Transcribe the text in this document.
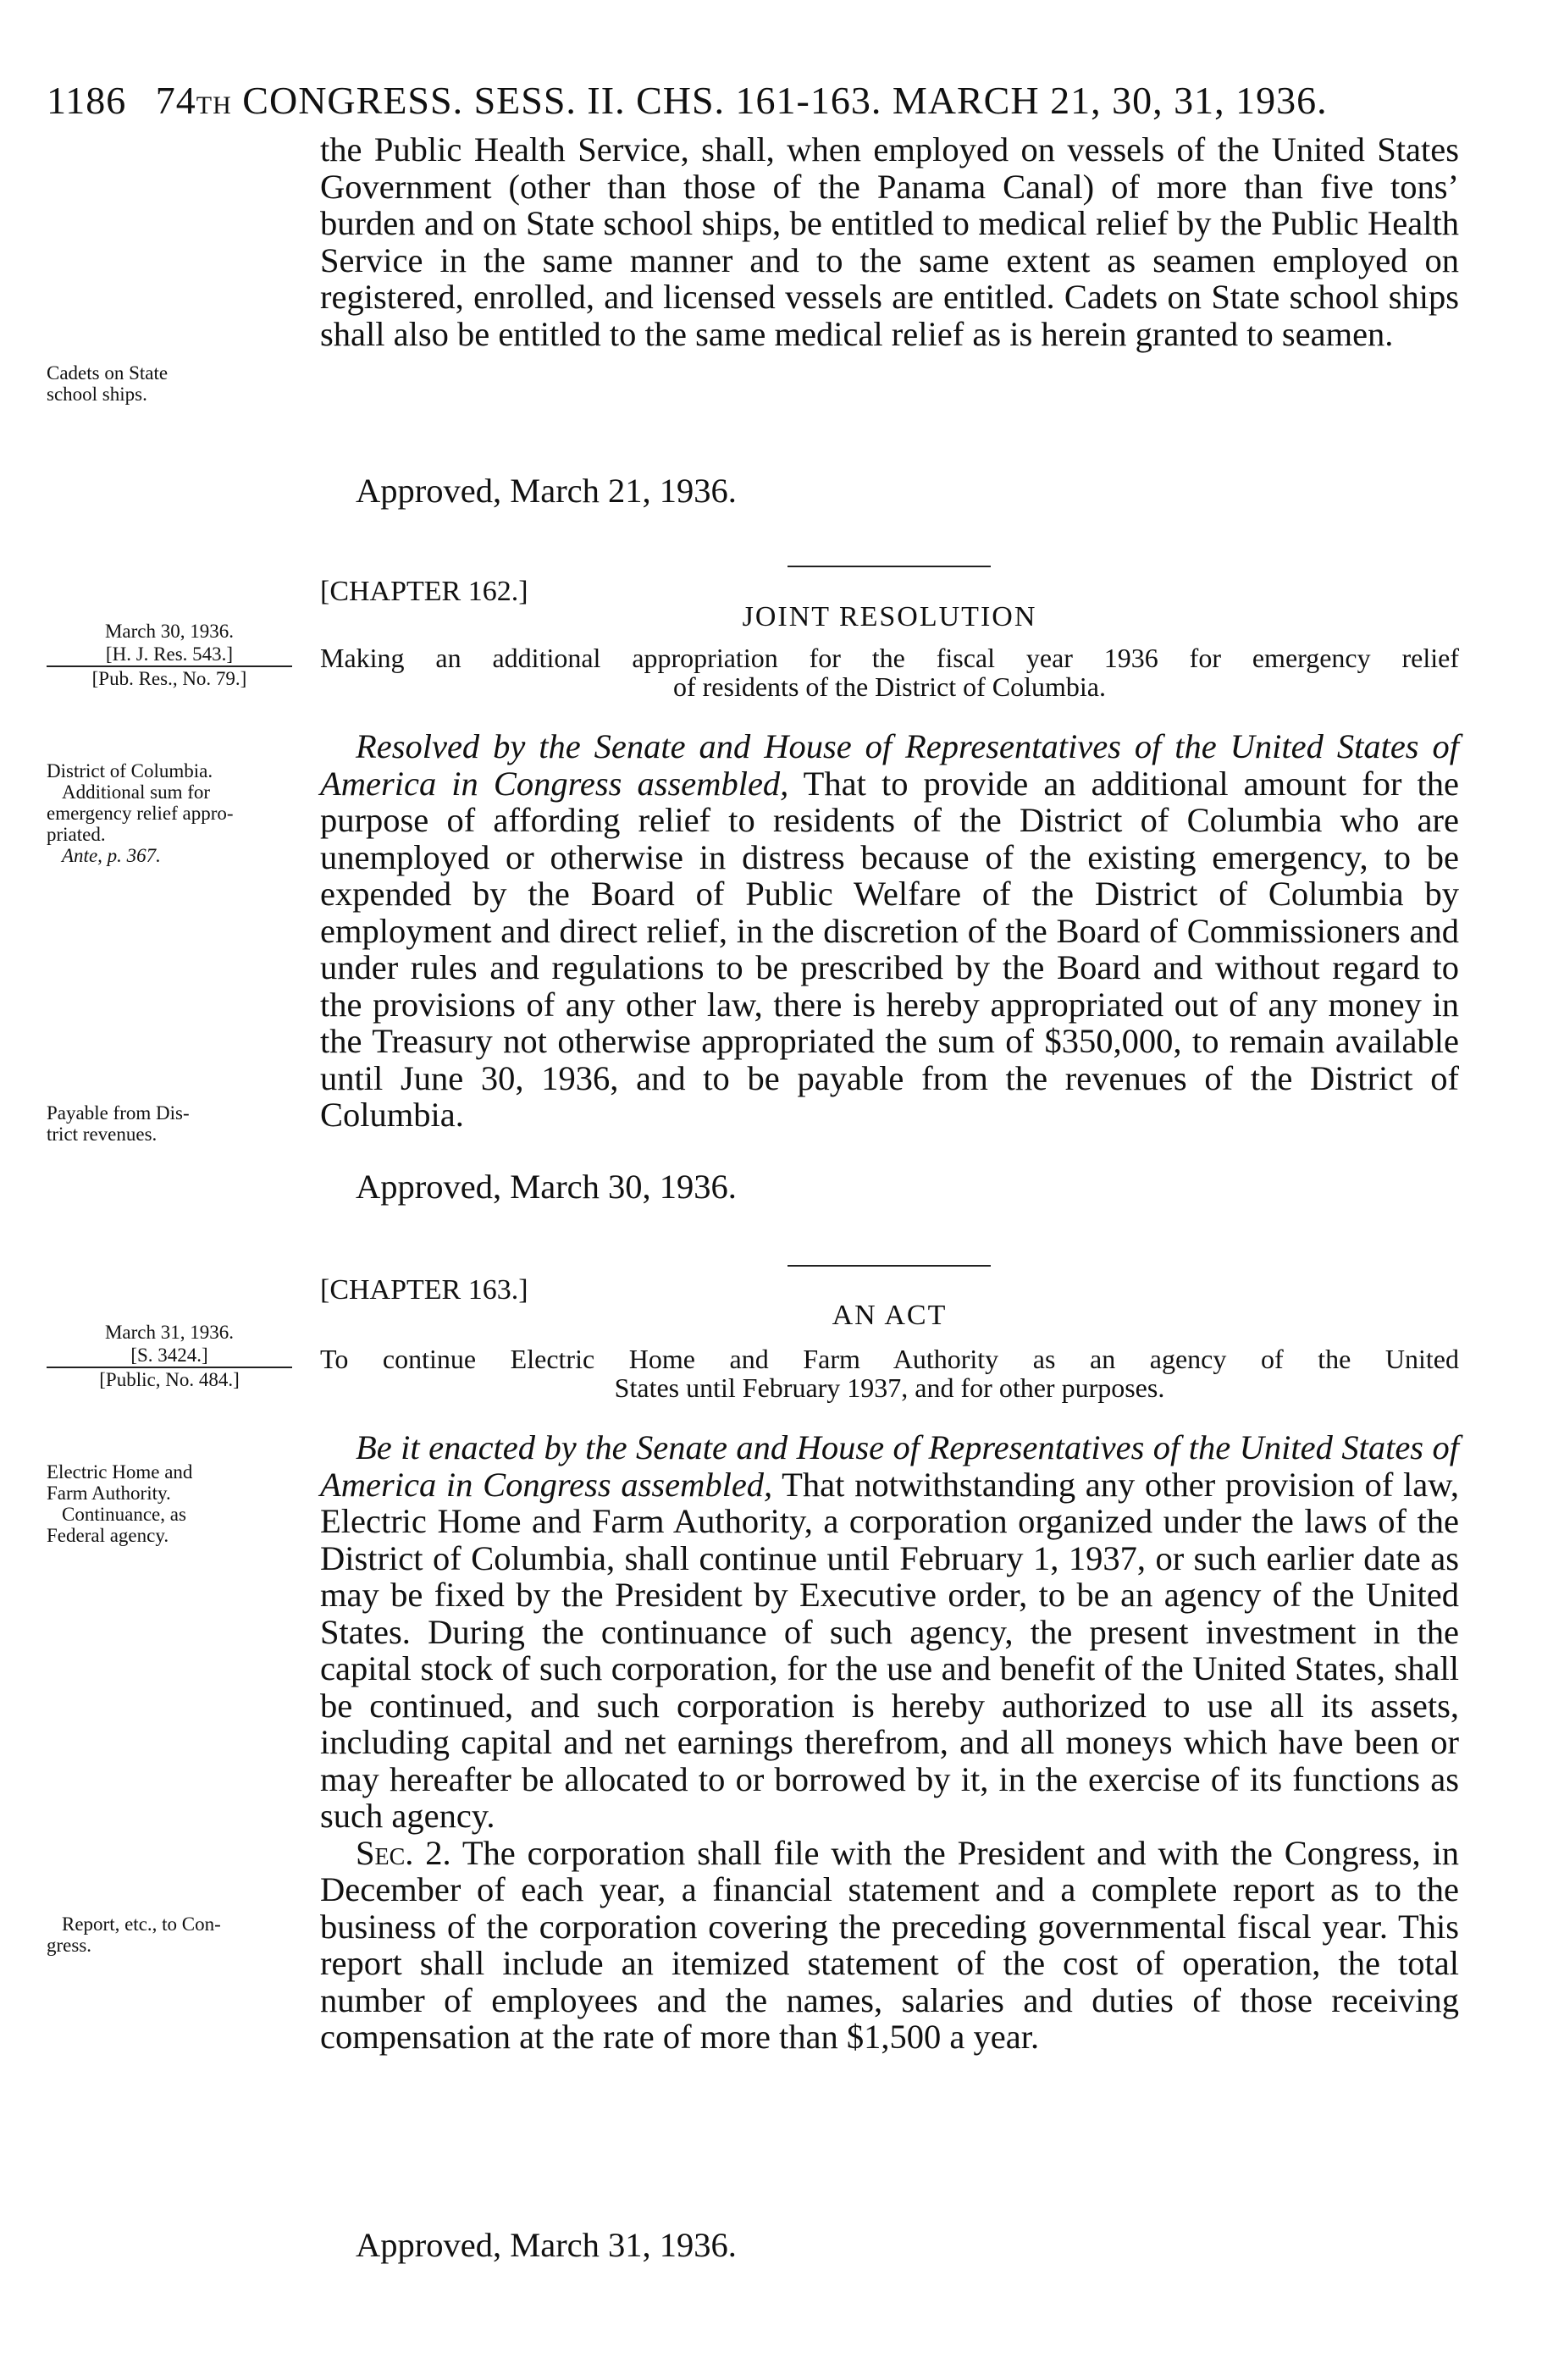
1186 74TH CONGRESS. SESS. II. CHS. 161-163. MARCH 21, 30, 31, 1936.

the Public Health Service, shall, when employed on vessels of the United States Government (other than those of the Panama Canal) of more than five tons’ burden and on State school ships, be entitled to medical relief by the Public Health Service in the same manner and to the same extent as seamen employed on registered, enrolled, and licensed vessels are entitled. Cadets on State school ships shall also be entitled to the same medical relief as is herein granted to seamen.

Approved, March 21, 1936.
Cadets on State
school ships.
[CHAPTER 162.]
JOINT RESOLUTION
Making an additional appropriation for the fiscal year 1936 for emergency relief
of residents of the District of Columbia.
March 30, 1936.
[H. J. Res. 543.]
[Pub. Res., No. 79.]

Resolved by the Senate and House of Representatives of the United States of America in Congress assembled, That to provide an additional amount for the purpose of affording relief to residents of the District of Columbia who are unemployed or otherwise in distress because of the existing emergency, to be expended by the Board of Public Welfare of the District of Columbia by employment and direct relief, in the discretion of the Board of Commissioners and under rules and regulations to be prescribed by the Board and without regard to the provisions of any other law, there is hereby appropriated out of any money in the Treasury not otherwise appropriated the sum of $350,000, to remain available until June 30, 1936, and to be payable from the revenues of the District of Columbia.

Approved, March 30, 1936.
District of Columbia.
Additional sum for
emergency relief appro-
priated.
Ante, p. 367.
Payable from Dis-
trict revenues.
[CHAPTER 163.]
AN ACT
To continue Electric Home and Farm Authority as an agency of the United
States until February 1937, and for other purposes.
March 31, 1936.
[S. 3424.]
[Public, No. 484.]

Be it enacted by the Senate and House of Representatives of the United States of America in Congress assembled, That notwithstanding any other provision of law, Electric Home and Farm Authority, a corporation organized under the laws of the District of Columbia, shall continue until February 1, 1937, or such earlier date as may be fixed by the President by Executive order, to be an agency of the United States. During the continuance of such agency, the present investment in the capital stock of such corporation, for the use and benefit of the United States, shall be continued, and such corporation is hereby authorized to use all its assets, including capital and net earnings therefrom, and all moneys which have been or may hereafter be allocated to or borrowed by it, in the exercise of its functions as such agency.

Sec. 2. The corporation shall file with the President and with the Congress, in December of each year, a financial statement and a complete report as to the business of the corporation covering the preceding governmental fiscal year. This report shall include an itemized statement of the cost of operation, the total number of employees and the names, salaries and duties of those receiving compensation at the rate of more than $1,500 a year.

Approved, March 31, 1936.
Electric Home and
Farm Authority.
Continuance, as
Federal agency.
Report, etc., to Con-
gress.
